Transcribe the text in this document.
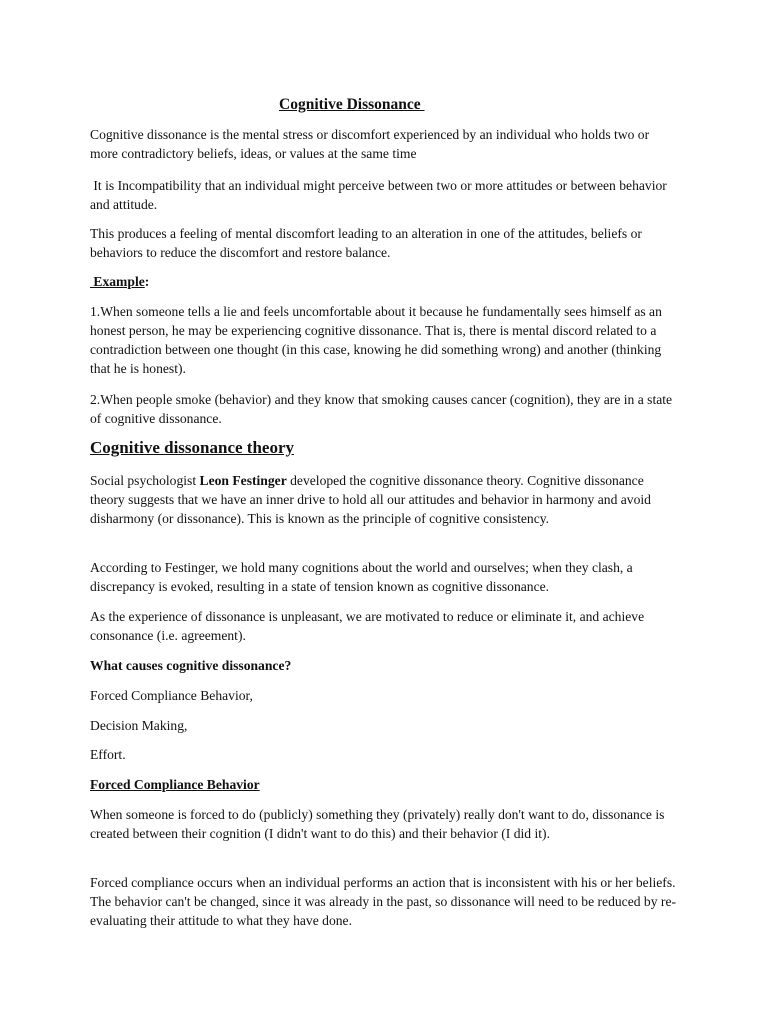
Cognitive Dissonance

Cognitive dissonance is the mental stress or discomfort experienced by an individual who holds two or more contradictory beliefs, ideas, or values at the same time

It is Incompatibility that an individual might perceive between two or more attitudes or between behavior and attitude.

This produces a feeling of mental discomfort leading to an alteration in one of the attitudes, beliefs or behaviors to reduce the discomfort and restore balance.

Example:

1.When someone tells a lie and feels uncomfortable about it because he fundamentally sees himself as an honest person, he may be experiencing cognitive dissonance. That is, there is mental discord related to a contradiction between one thought (in this case, knowing he did something wrong) and another (thinking that he is honest).

2.When people smoke (behavior) and they know that smoking causes cancer (cognition), they are in a state of cognitive dissonance.

Cognitive dissonance theory

Social psychologist Leon Festinger developed the cognitive dissonance theory. Cognitive dissonance theory suggests that we have an inner drive to hold all our attitudes and behavior in harmony and avoid disharmony (or dissonance). This is known as the principle of cognitive consistency.

According to Festinger, we hold many cognitions about the world and ourselves; when they clash, a discrepancy is evoked, resulting in a state of tension known as cognitive dissonance.

As the experience of dissonance is unpleasant, we are motivated to reduce or eliminate it, and achieve consonance (i.e. agreement).

What causes cognitive dissonance?

Forced Compliance Behavior,

Decision Making,

Effort.

Forced Compliance Behavior

When someone is forced to do (publicly) something they (privately) really don't want to do, dissonance is created between their cognition (I didn't want to do this) and their behavior (I did it).

Forced compliance occurs when an individual performs an action that is inconsistent with his or her beliefs. The behavior can't be changed, since it was already in the past, so dissonance will need to be reduced by re-evaluating their attitude to what they have done.
